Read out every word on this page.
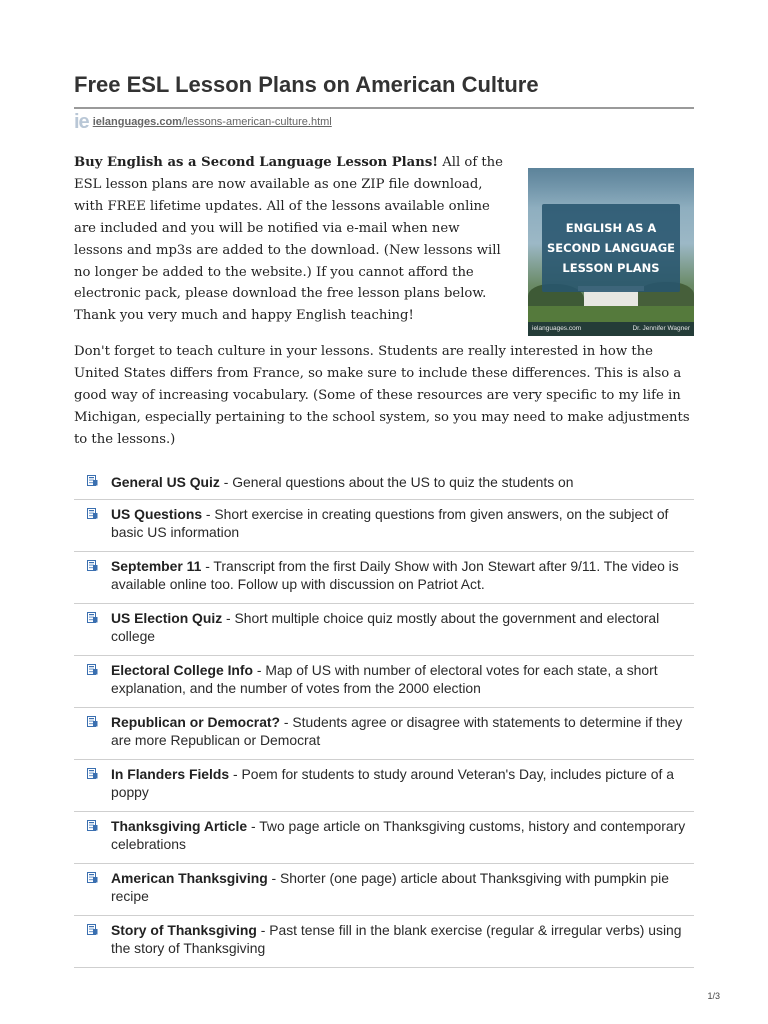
Free ESL Lesson Plans on American Culture
ie ielanguages.com/lessons-american-culture.html

Buy English as a Second Language Lesson Plans! All of the ESL lesson plans are now available as one ZIP file download, with FREE lifetime updates. All of the lessons available online are included and you will be notified via e-mail when new lessons and mp3s are added to the download. (New lessons will no longer be added to the website.) If you cannot afford the electronic pack, please download the free lesson plans below. Thank you very much and happy English teaching!

ENGLISH AS A
SECOND LANGUAGE
LESSON PLANS
ielanguages.com	Dr. Jennifer Wagner

Don't forget to teach culture in your lessons. Students are really interested in how the United States differs from France, so make sure to include these differences. This is also a good way of increasing vocabulary. (Some of these resources are very specific to my life in Michigan, especially pertaining to the school system, so you may need to make adjustments to the lessons.)

General US Quiz - General questions about the US to quiz the students on
US Questions - Short exercise in creating questions from given answers, on the subject of basic US information
September 11 - Transcript from the first Daily Show with Jon Stewart after 9/11. The video is available online too. Follow up with discussion on Patriot Act.
US Election Quiz - Short multiple choice quiz mostly about the government and electoral college
Electoral College Info - Map of US with number of electoral votes for each state, a short explanation, and the number of votes from the 2000 election
Republican or Democrat? - Students agree or disagree with statements to determine if they are more Republican or Democrat
In Flanders Fields - Poem for students to study around Veteran's Day, includes picture of a poppy
Thanksgiving Article - Two page article on Thanksgiving customs, history and contemporary celebrations
American Thanksgiving - Shorter (one page) article about Thanksgiving with pumpkin pie recipe
Story of Thanksgiving - Past tense fill in the blank exercise (regular & irregular verbs) using the story of Thanksgiving
1/3
